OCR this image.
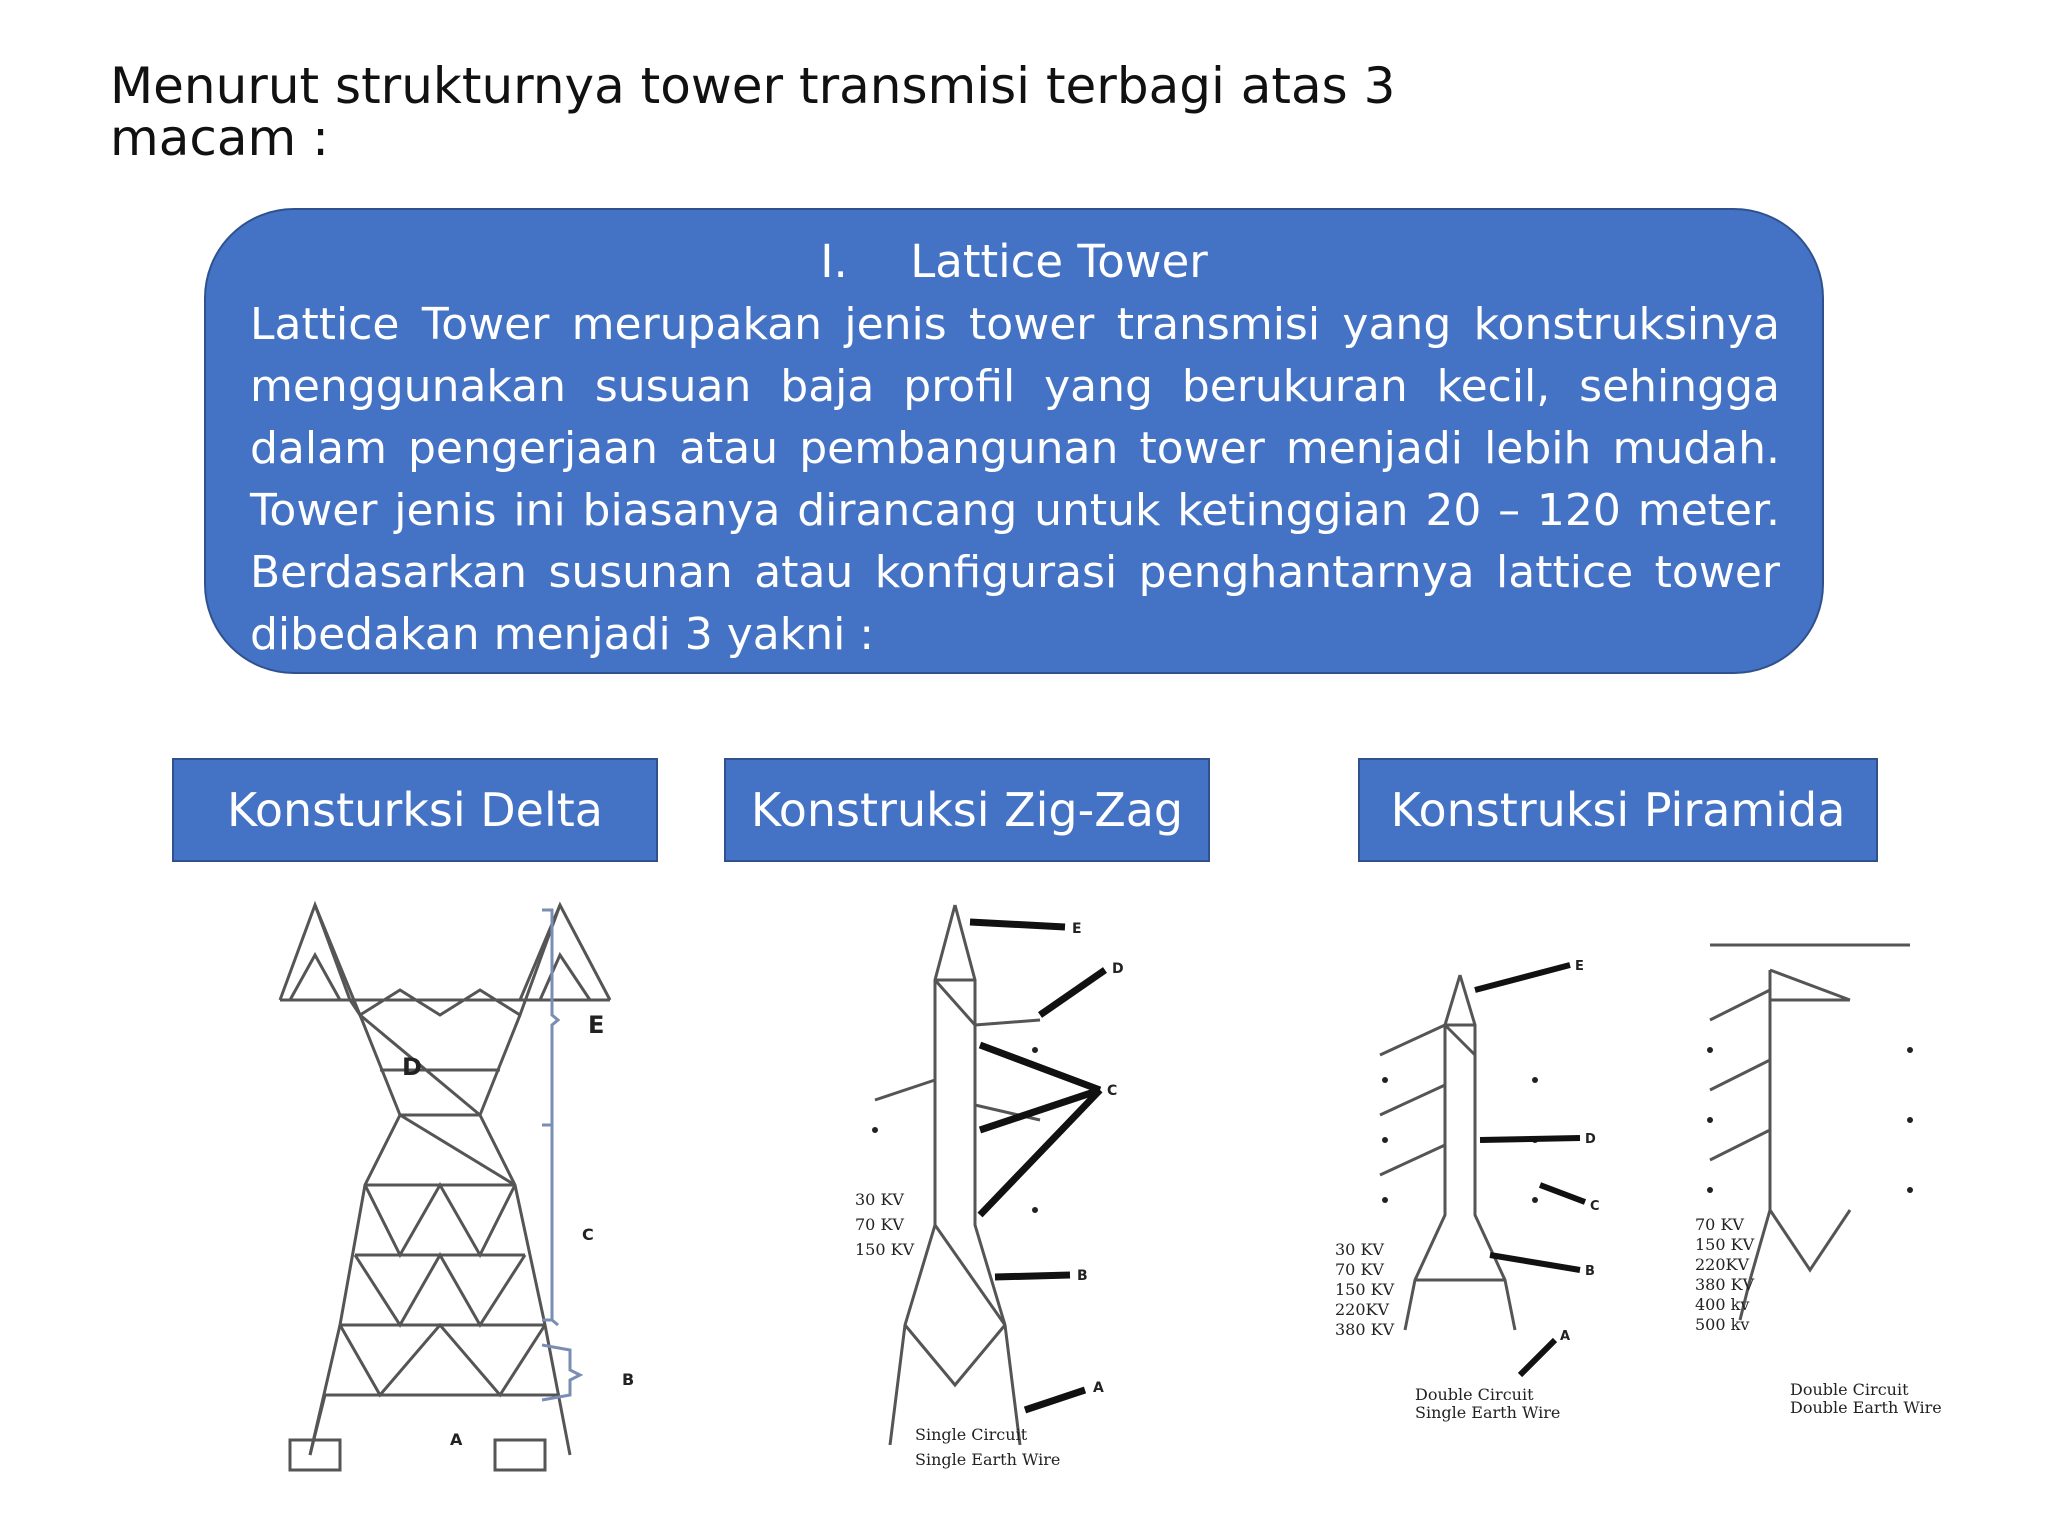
Menurut strukturnya tower transmisi terbagi atas 3 macam :
I. Lattice Tower
Lattice Tower merupakan jenis tower transmisi yang konstruksinya menggunakan susuan baja profil yang berukuran kecil, sehingga dalam pengerjaan atau pembangunan tower menjadi lebih mudah. Tower jenis ini biasanya dirancang untuk ketinggian 20 – 120 meter. Berdasarkan susunan atau konfigurasi penghantarnya lattice tower dibedakan menjadi 3 yakni :
Konsturksi Delta	Konstruksi Zig-Zag	Konstruksi Piramida
E
D
C
B
A
E
D
C
B
A
30 KV
70 KV
150 KV
Single Circuit
Single Earth Wire
E
D
C
B
A
30 KV
70 KV
150 KV
220KV
380 KV
Double Circuit
Single Earth Wire
70 KV
150 KV
220KV
380 KV
400 kv
500 kv
Double Circuit
Double Earth Wire
